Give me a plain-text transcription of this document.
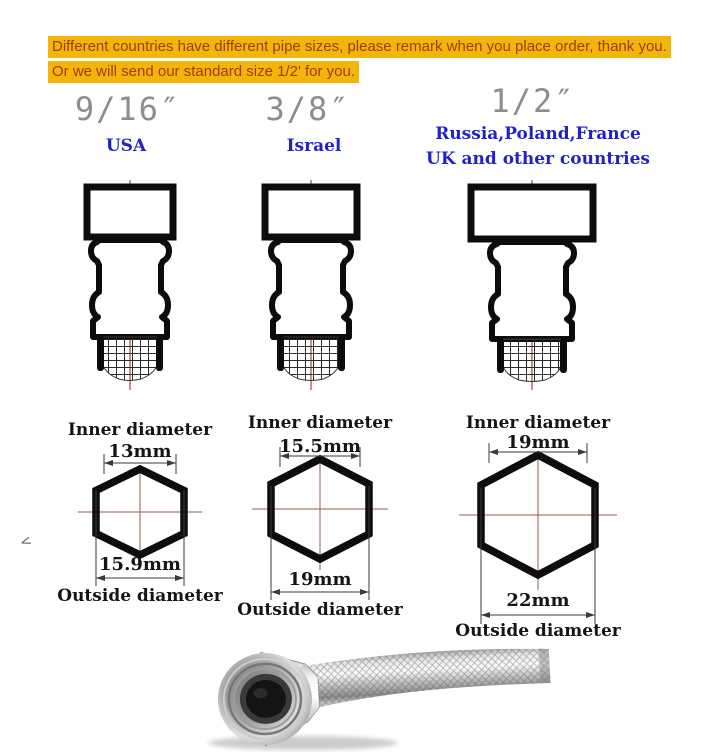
Different countries have different pipe sizes, please remark when you place order, thank you.
Or we will send our standard size 1/2' for you.
9/16″	3/8″	1/2″
USA	Israel
Russia,Poland,France
UK and other countries
Inner diameter
13mm
15.9mm
Outside diameter
Inner diameter
15.5mm
19mm
Outside diameter
Inner diameter
19mm
22mm
Outside diameter
<
